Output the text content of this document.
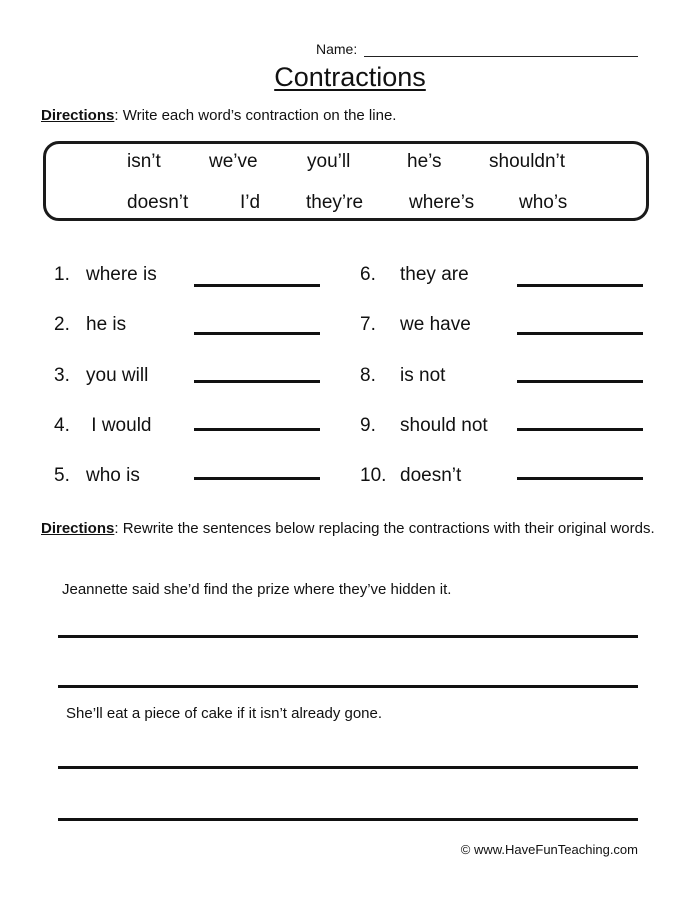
Name:
Contractions
Directions: Write each word’s contraction on the line.
isn’t	we’ve	you’ll	he’s shouldn’t
doesn’t	I’d they’re where’s who’s
1. where is
2. he is
3. you will
4. I would
5. who is
6. they are
7. we have
8. is not
9. should not
10. doesn’t
Directions: Rewrite the sentences below replacing the contractions with their original words.
Jeannette said she’d find the prize where they’ve hidden it.
She’ll eat a piece of cake if it isn’t already gone.
© www.HaveFunTeaching.com
